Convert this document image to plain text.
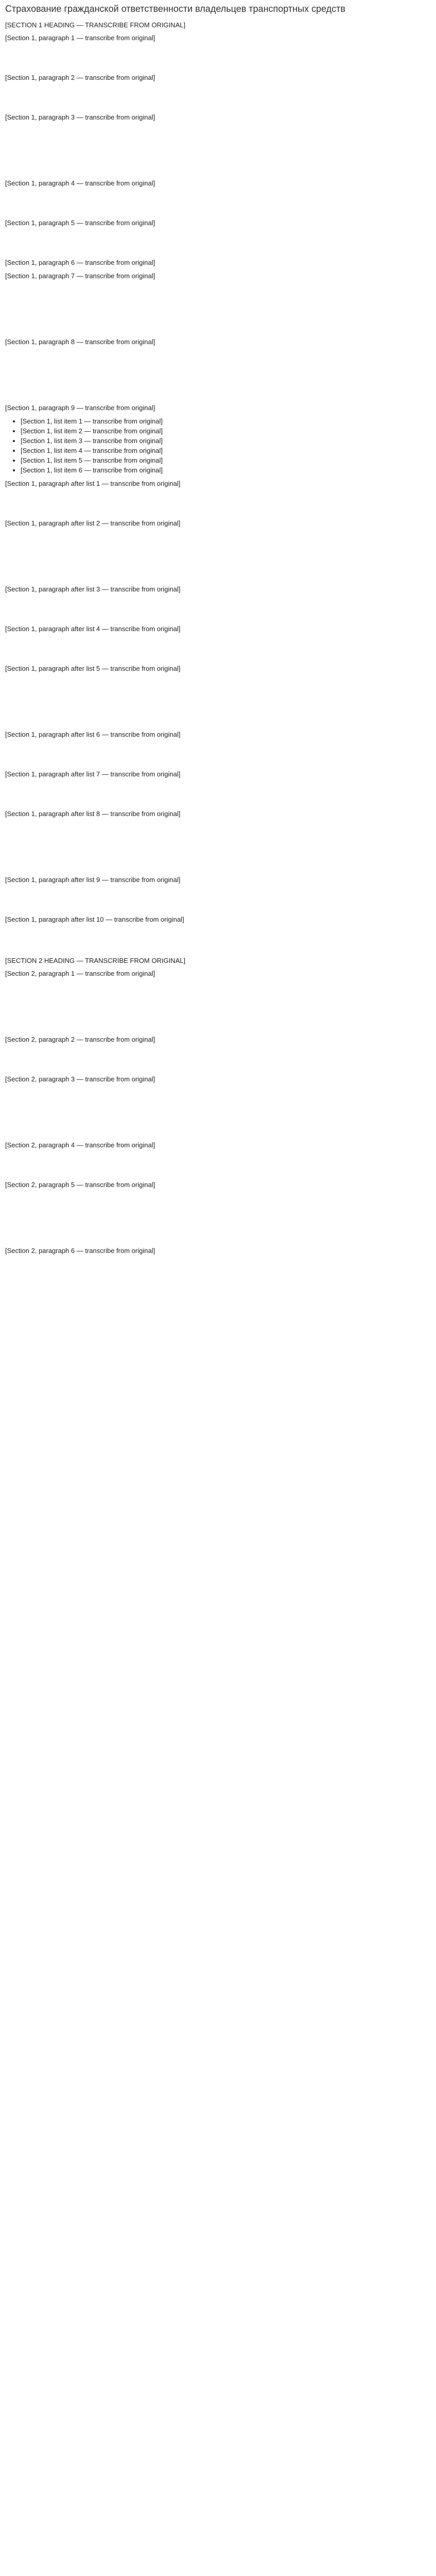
Страхование гражданской ответственности владельцев транспортных средств
[SECTION 1 HEADING — TRANSCRIBE FROM ORIGINAL]

[Section 1, paragraph 1 — transcribe from original]

[Section 1, paragraph 2 — transcribe from original]

[Section 1, paragraph 3 — transcribe from original]

[Section 1, paragraph 4 — transcribe from original]

[Section 1, paragraph 5 — transcribe from original]

[Section 1, paragraph 6 — transcribe from original]

[Section 1, paragraph 7 — transcribe from original]

[Section 1, paragraph 8 — transcribe from original]

[Section 1, paragraph 9 — transcribe from original]

• [Section 1, list item 1 — transcribe from original]
• [Section 1, list item 2 — transcribe from original]
• [Section 1, list item 3 — transcribe from original]
• [Section 1, list item 4 — transcribe from original]
• [Section 1, list item 5 — transcribe from original]
• [Section 1, list item 6 — transcribe from original]

[Section 1, paragraph after list 1 — transcribe from original]

[Section 1, paragraph after list 2 — transcribe from original]

[Section 1, paragraph after list 3 — transcribe from original]

[Section 1, paragraph after list 4 — transcribe from original]

[Section 1, paragraph after list 5 — transcribe from original]

[Section 1, paragraph after list 6 — transcribe from original]

[Section 1, paragraph after list 7 — transcribe from original]

[Section 1, paragraph after list 8 — transcribe from original]

[Section 1, paragraph after list 9 — transcribe from original]

[Section 1, paragraph after list 10 — transcribe from original]

[SECTION 2 HEADING — TRANSCRIBE FROM ORIGINAL]

[Section 2, paragraph 1 — transcribe from original]

[Section 2, paragraph 2 — transcribe from original]

[Section 2, paragraph 3 — transcribe from original]

[Section 2, paragraph 4 — transcribe from original]

[Section 2, paragraph 5 — transcribe from original]

[Section 2, paragraph 6 — transcribe from original]
